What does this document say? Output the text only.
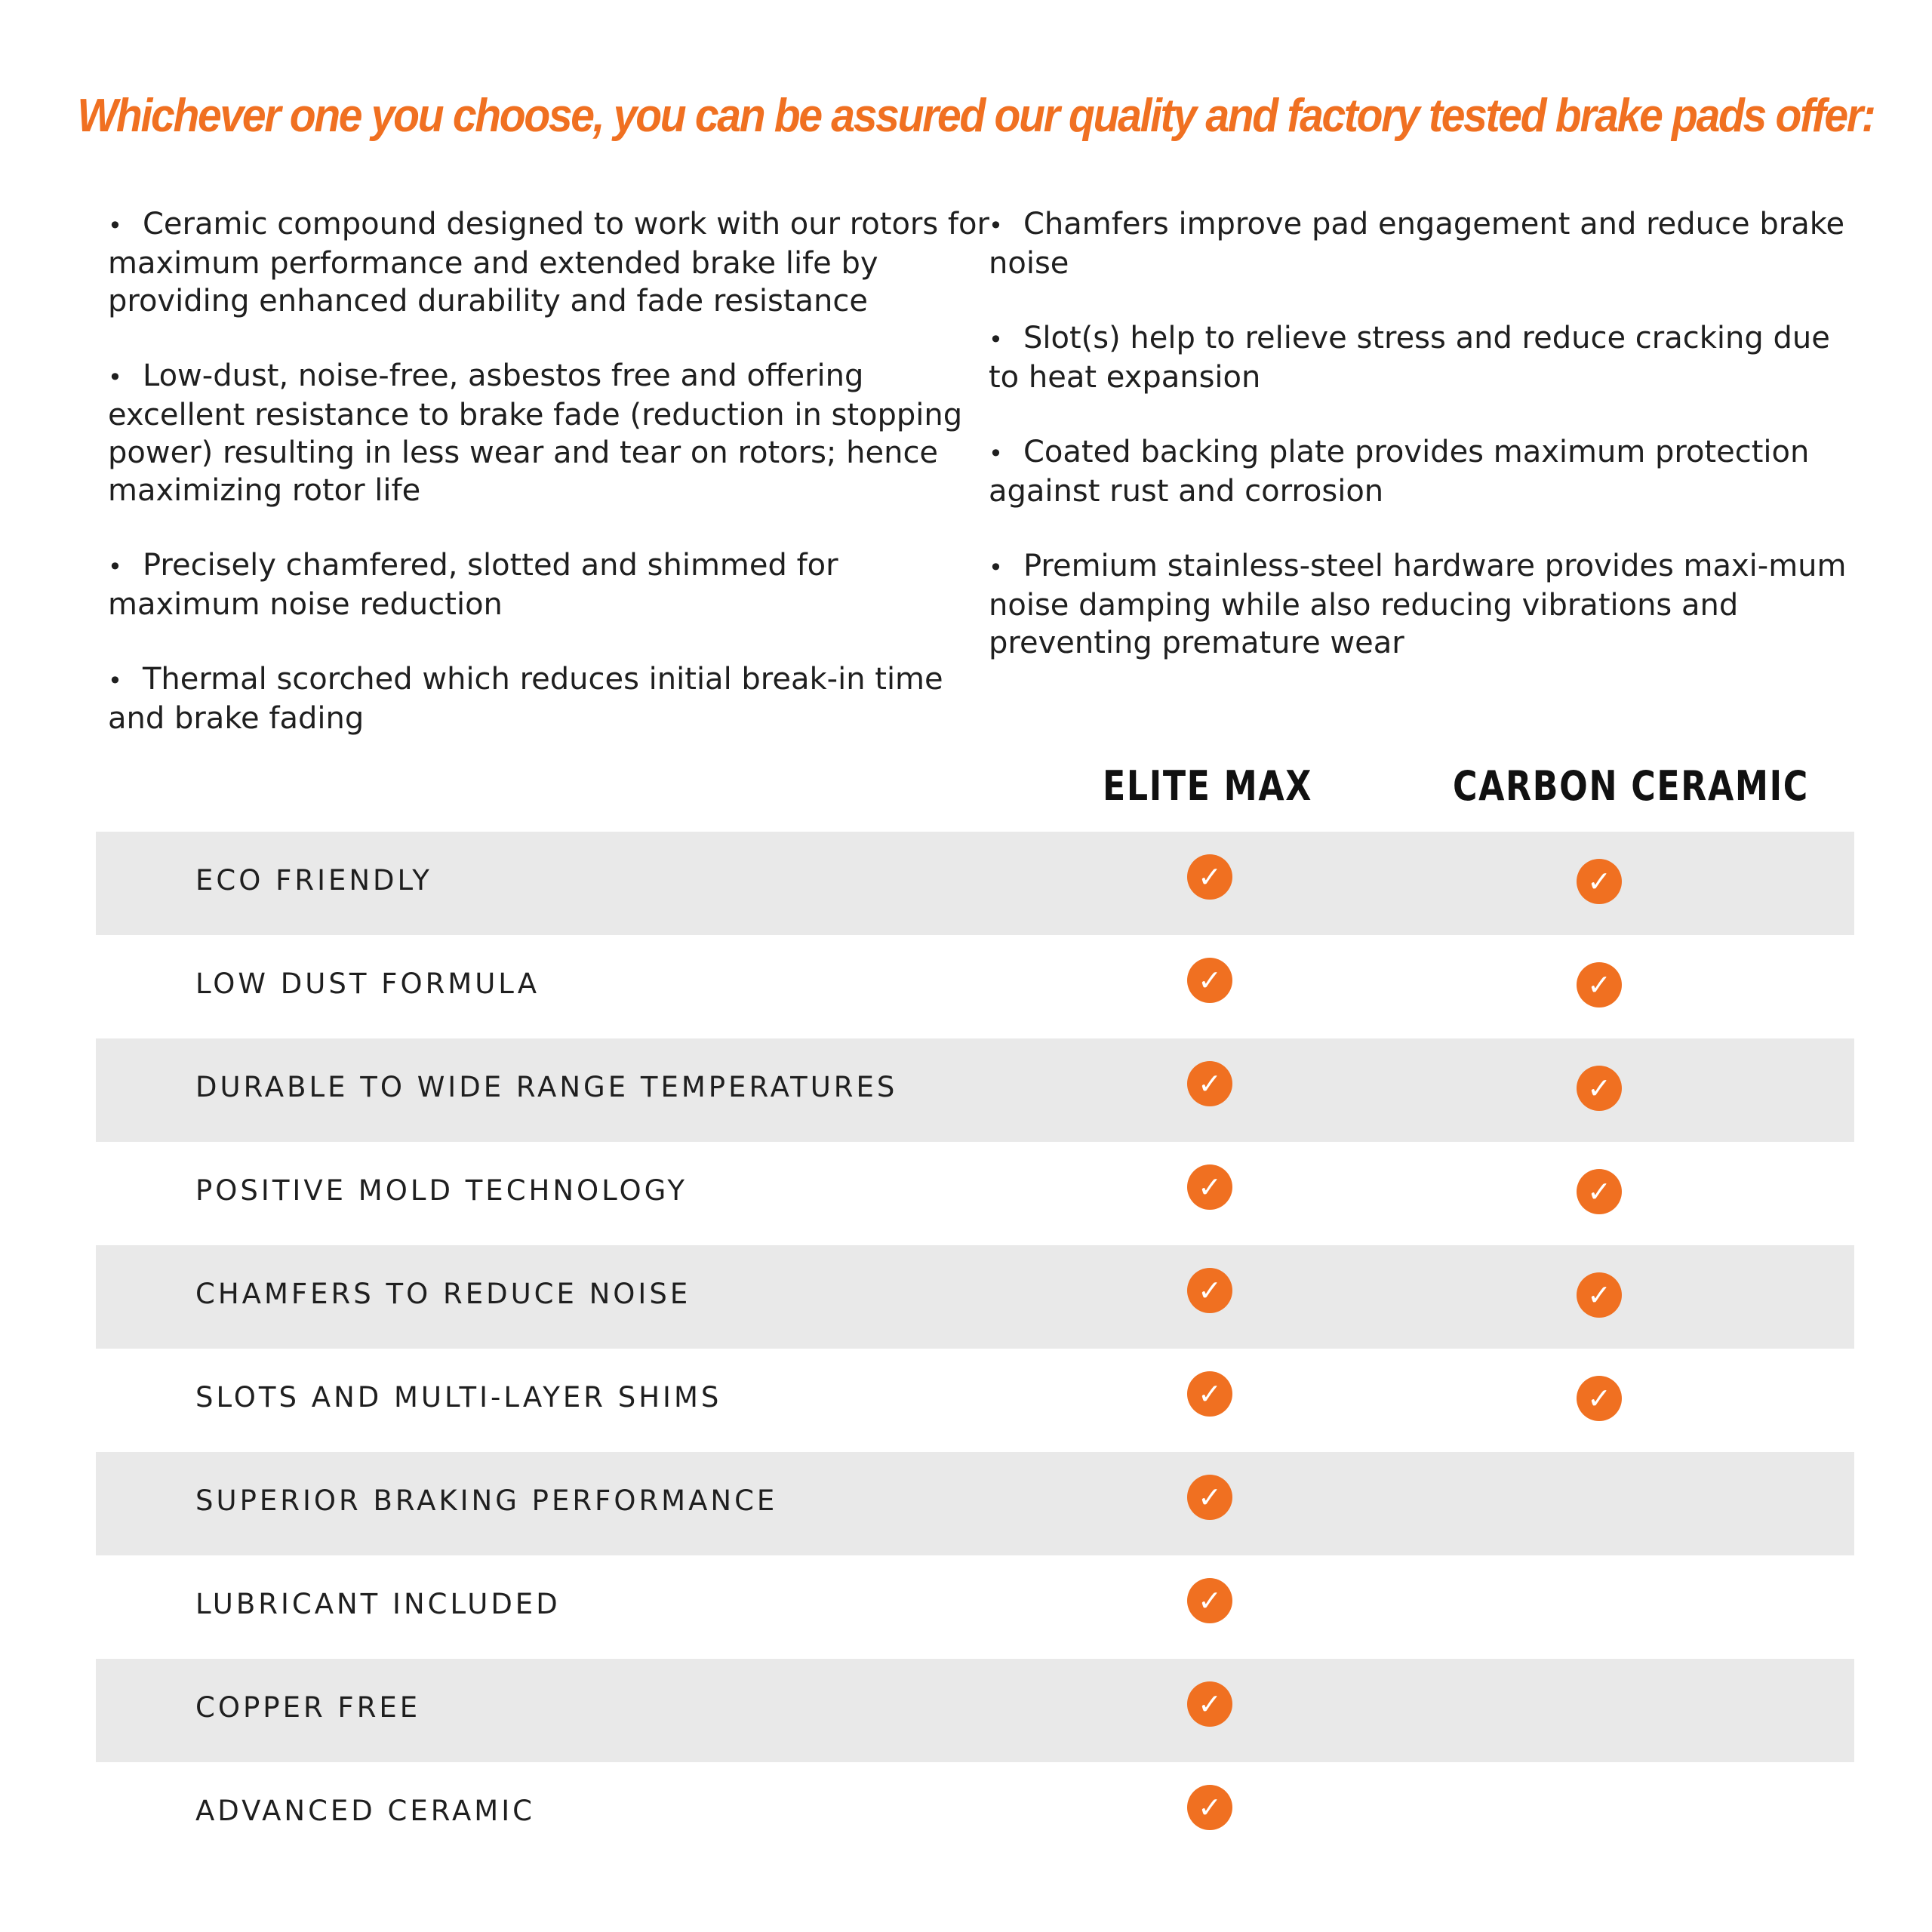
Whichever one you choose, you can be assured our quality and factory tested brake pads offer:
• Ceramic compound designed to work with our rotors for maximum performance and extended brake life by providing enhanced durability and fade resistance
• Low-dust, noise-free, asbestos free and offering excellent resistance to brake fade (reduction in stopping power) resulting in less wear and tear on rotors; hence maximizing rotor life
• Precisely chamfered, slotted and shimmed for maximum noise reduction
• Thermal scorched which reduces initial break-in time and brake fading
• Chamfers improve pad engagement and reduce brake noise
• Slot(s) help to relieve stress and reduce cracking due to heat expansion
• Coated backing plate provides maximum protection against rust and corrosion
• Premium stainless-steel hardware provides maxi-mum noise damping while also reducing vibrations and preventing premature wear
ELITE MAX	CARBON CERAMIC
ECO FRIENDLY	✓	✓
LOW DUST FORMULA	✓	✓
DURABLE TO WIDE RANGE TEMPERATURES	✓	✓
POSITIVE MOLD TECHNOLOGY	✓	✓
CHAMFERS TO REDUCE NOISE	✓	✓
SLOTS AND MULTI-LAYER SHIMS	✓	✓
SUPERIOR BRAKING PERFORMANCE	✓
LUBRICANT INCLUDED	✓
COPPER FREE	✓
ADVANCED CERAMIC	✓
